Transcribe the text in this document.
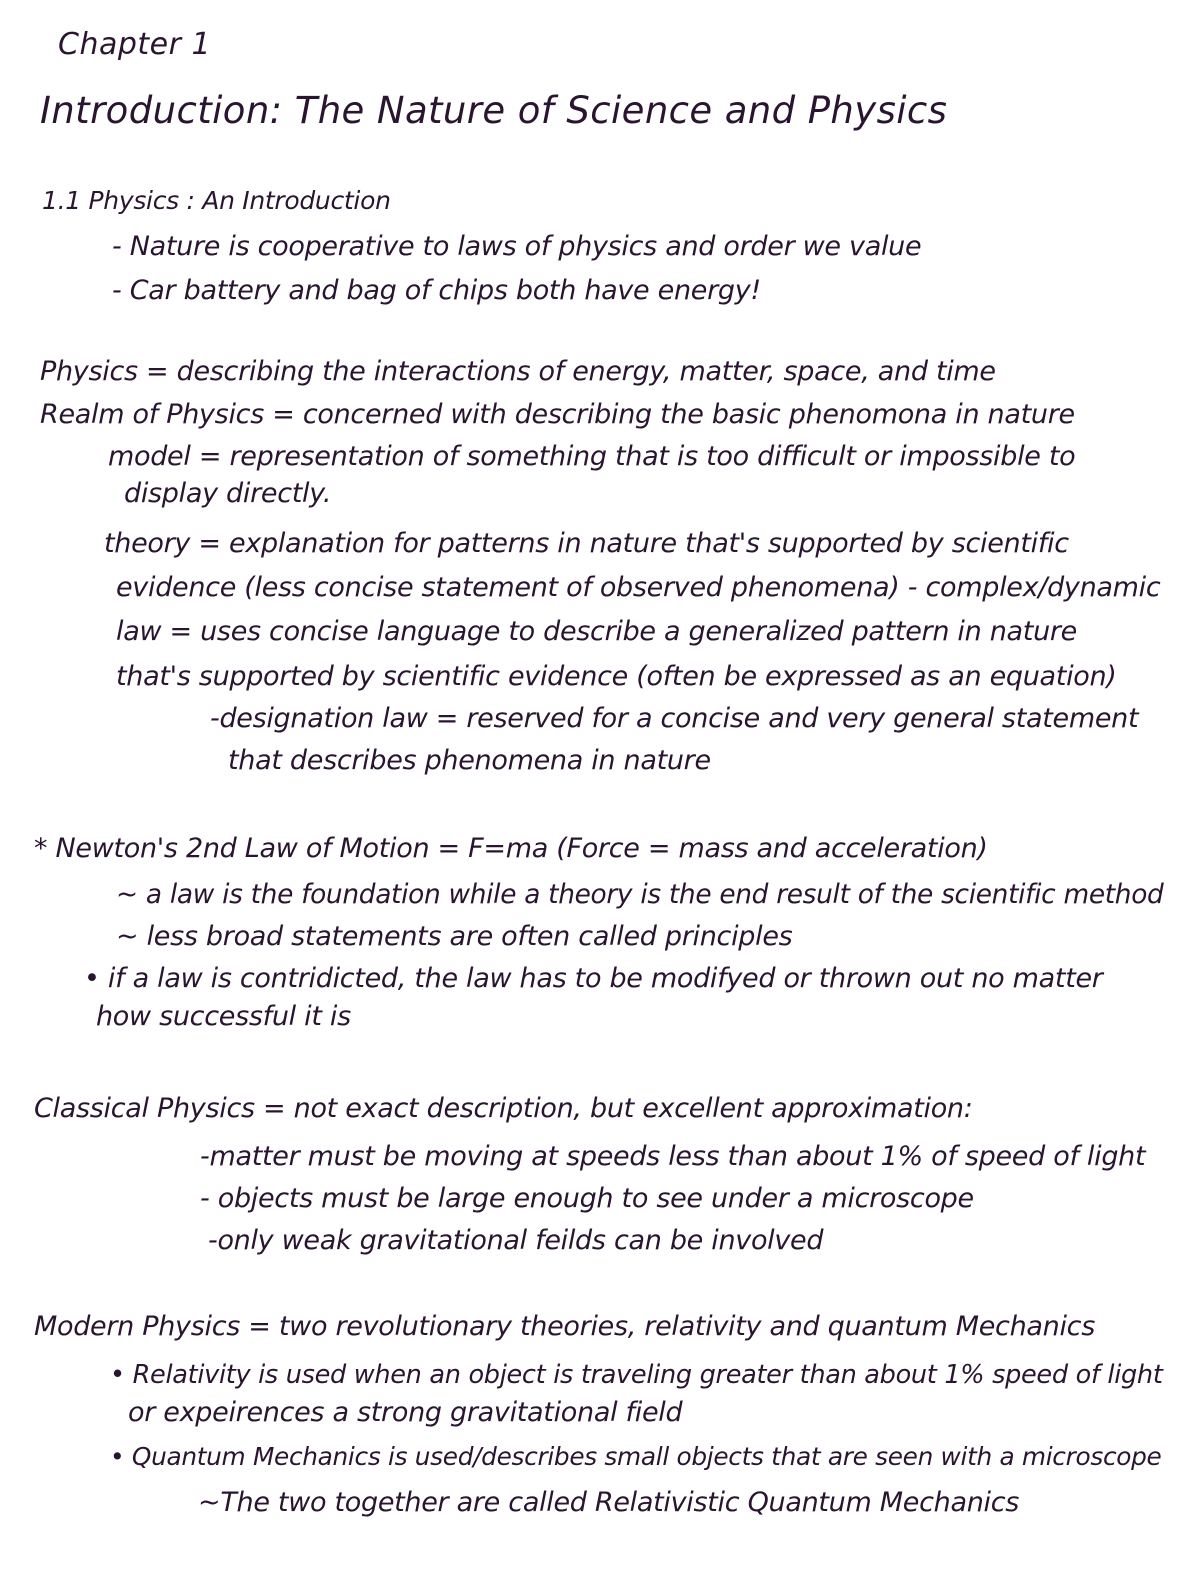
Chapter 1
Introduction: The Nature of Science and Physics
1.1 Physics : An Introduction
- Nature is cooperative to laws of physics and order we value
- Car battery and bag of chips both have energy!
Physics = describing the interactions of energy, matter, space, and time
Realm of Physics = concerned with describing the basic phenomona in nature
model = representation of something that is too difficult or impossible to
display directly.
theory = explanation for patterns in nature that's supported by scientific
evidence (less concise statement of observed phenomena) - complex/dynamic
law = uses concise language to describe a generalized pattern in nature
that's supported by scientific evidence (often be expressed as an equation)
-designation law = reserved for a concise and very general statement
that describes phenomena in nature
* Newton's 2nd Law of Motion = F=ma (Force = mass and acceleration)
~ a law is the foundation while a theory is the end result of the scientific method
~ less broad statements are often called principles
• if a law is contridicted, the law has to be modifyed or thrown out no matter
how successful it is
Classical Physics = not exact description, but excellent approximation:
-matter must be moving at speeds less than about 1% of speed of light
- objects must be large enough to see under a microscope
-only weak gravitational feilds can be involved
Modern Physics = two revolutionary theories, relativity and quantum Mechanics
• Relativity is used when an object is traveling greater than about 1% speed of light
or expeirences a strong gravitational field
• Quantum Mechanics is used/describes small objects that are seen with a microscope
~The two together are called Relativistic Quantum Mechanics
